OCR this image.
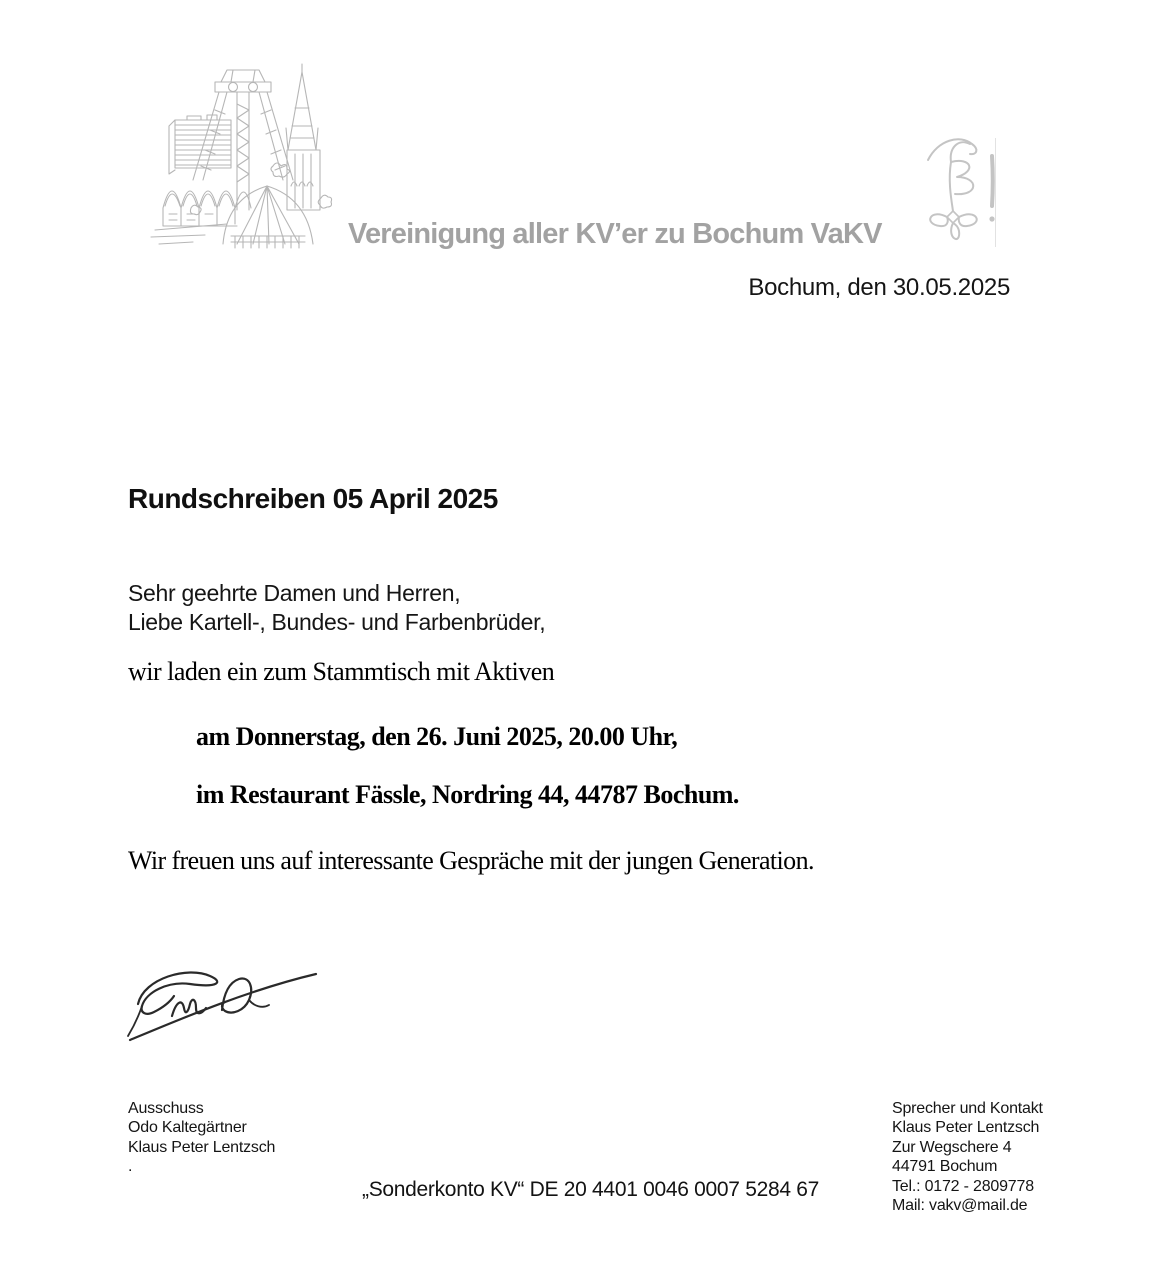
Vereinigung aller KV’er zu Bochum VaKV
Bochum, den 30.05.2025
Rundschreiben 05 April 2025
Sehr geehrte Damen und Herren,
Liebe Kartell-, Bundes- und Farbenbrüder,
wir laden ein zum Stammtisch mit Aktiven
am Donnerstag, den 26. Juni 2025, 20.00 Uhr,
im Restaurant Fässle, Nordring 44, 44787 Bochum.
Wir freuen uns auf interessante Gespräche mit der jungen Generation.
Ausschuss
Odo Kaltegärtner
Klaus Peter Lentzsch
.
Sprecher und Kontakt
Klaus Peter Lentzsch
Zur Wegschere 4
44791 Bochum
Tel.: 0172 - 2809778
Mail: vakv@mail.de
„Sonderkonto KV“ DE 20 4401 0046 0007 5284 67
